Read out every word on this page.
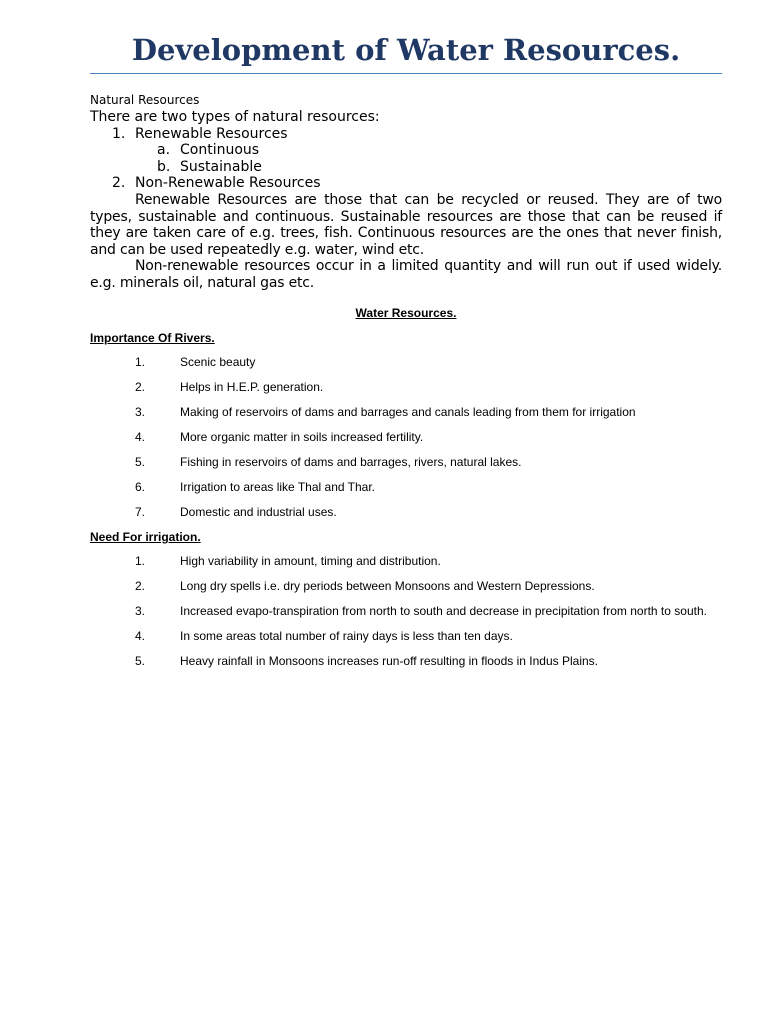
Development of Water Resources.

Natural Resources

There are two types of natural resources:

1. Renewable Resources
a. Continuous
b. Sustainable
2. Non-Renewable Resources

Renewable Resources are those that can be recycled or reused. They are of two types, sustainable and continuous. Sustainable resources are those that can be reused if they are taken care of e.g. trees, fish. Continuous resources are the ones that never finish, and can be used repeatedly e.g. water, wind etc.

Non-renewable resources occur in a limited quantity and will run out if used widely. e.g. minerals oil, natural gas etc.

Water Resources.

Importance Of Rivers.

1.	Scenic beauty
2.	Helps in H.E.P. generation.
3.	Making of reservoirs of dams and barrages and canals leading from them for irrigation
4.	More organic matter in soils increased fertility.
5.	Fishing in reservoirs of dams and barrages, rivers, natural lakes.
6.	Irrigation to areas like Thal and Thar.
7.	Domestic and industrial uses.

Need For irrigation.

1.	High variability in amount, timing and distribution.
2.	Long dry spells i.e. dry periods between Monsoons and Western Depressions.
3.	Increased evapo-transpiration from north to south and decrease in precipitation from north to south.
4.	In some areas total number of rainy days is less than ten days.
5.	Heavy rainfall in Monsoons increases run-off resulting in floods in Indus Plains.
